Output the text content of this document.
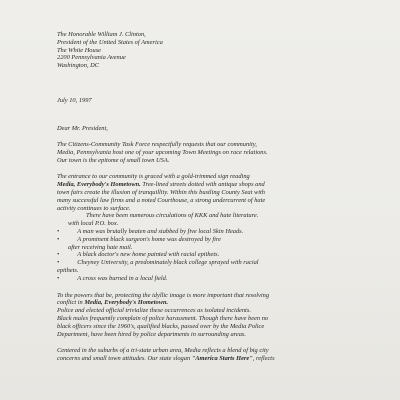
The Honorable William J. Clinton,
President of the United States of America
The White House
2200 Pennsylvania Avenue
Washington, DC
July 10, 1997
Dear Mr. President,
The Citizens-Community Task Force respectfully requests that our community,
Media, Pennsylvania host one of your upcoming Town Meetings on race relations.
Our town is the epitome of small town USA.
The entrance to our community is graced with a gold-trimmed sign reading
Media, Everybody's Hometown. Tree-lined streets dotted with antique shops and
town fairs create the illusion of tranquillity. Within this bustling County Seat with
many successful law firms and a noted Courthouse, a strong undercurrent of hate
activity continues to surface.
There have been numerous circulations of KKK and hate literature.
with local P.O. box.
•	A man was brutally beaten and stabbed by five local Skin Heads.
•	A prominent black surgeon's home was destroyed by fire
after receiving hate mail.
•	A black doctor's new home painted with racial epithets.
•	Cheyney University, a predominately black college sprayed with racial
epithets.
•	A cross was burned in a local field.
To the powers that be, protecting the idyllic image is more important that resolving
conflict in Media, Everybody's Hometown.
Police and elected official trivialize these occurrences as isolated incidents.
Black males frequently complain of police harassment. Though there have been no
black officers since the 1960's, qualified blacks, passed over by the Media Police
Department, have been hired by police departments in surrounding areas.
Centered in the suburbs of a tri-state urban area, Media reflects a blend of big city
concerns and small town attitudes. Our state slogan "America Starts Here", reflects
